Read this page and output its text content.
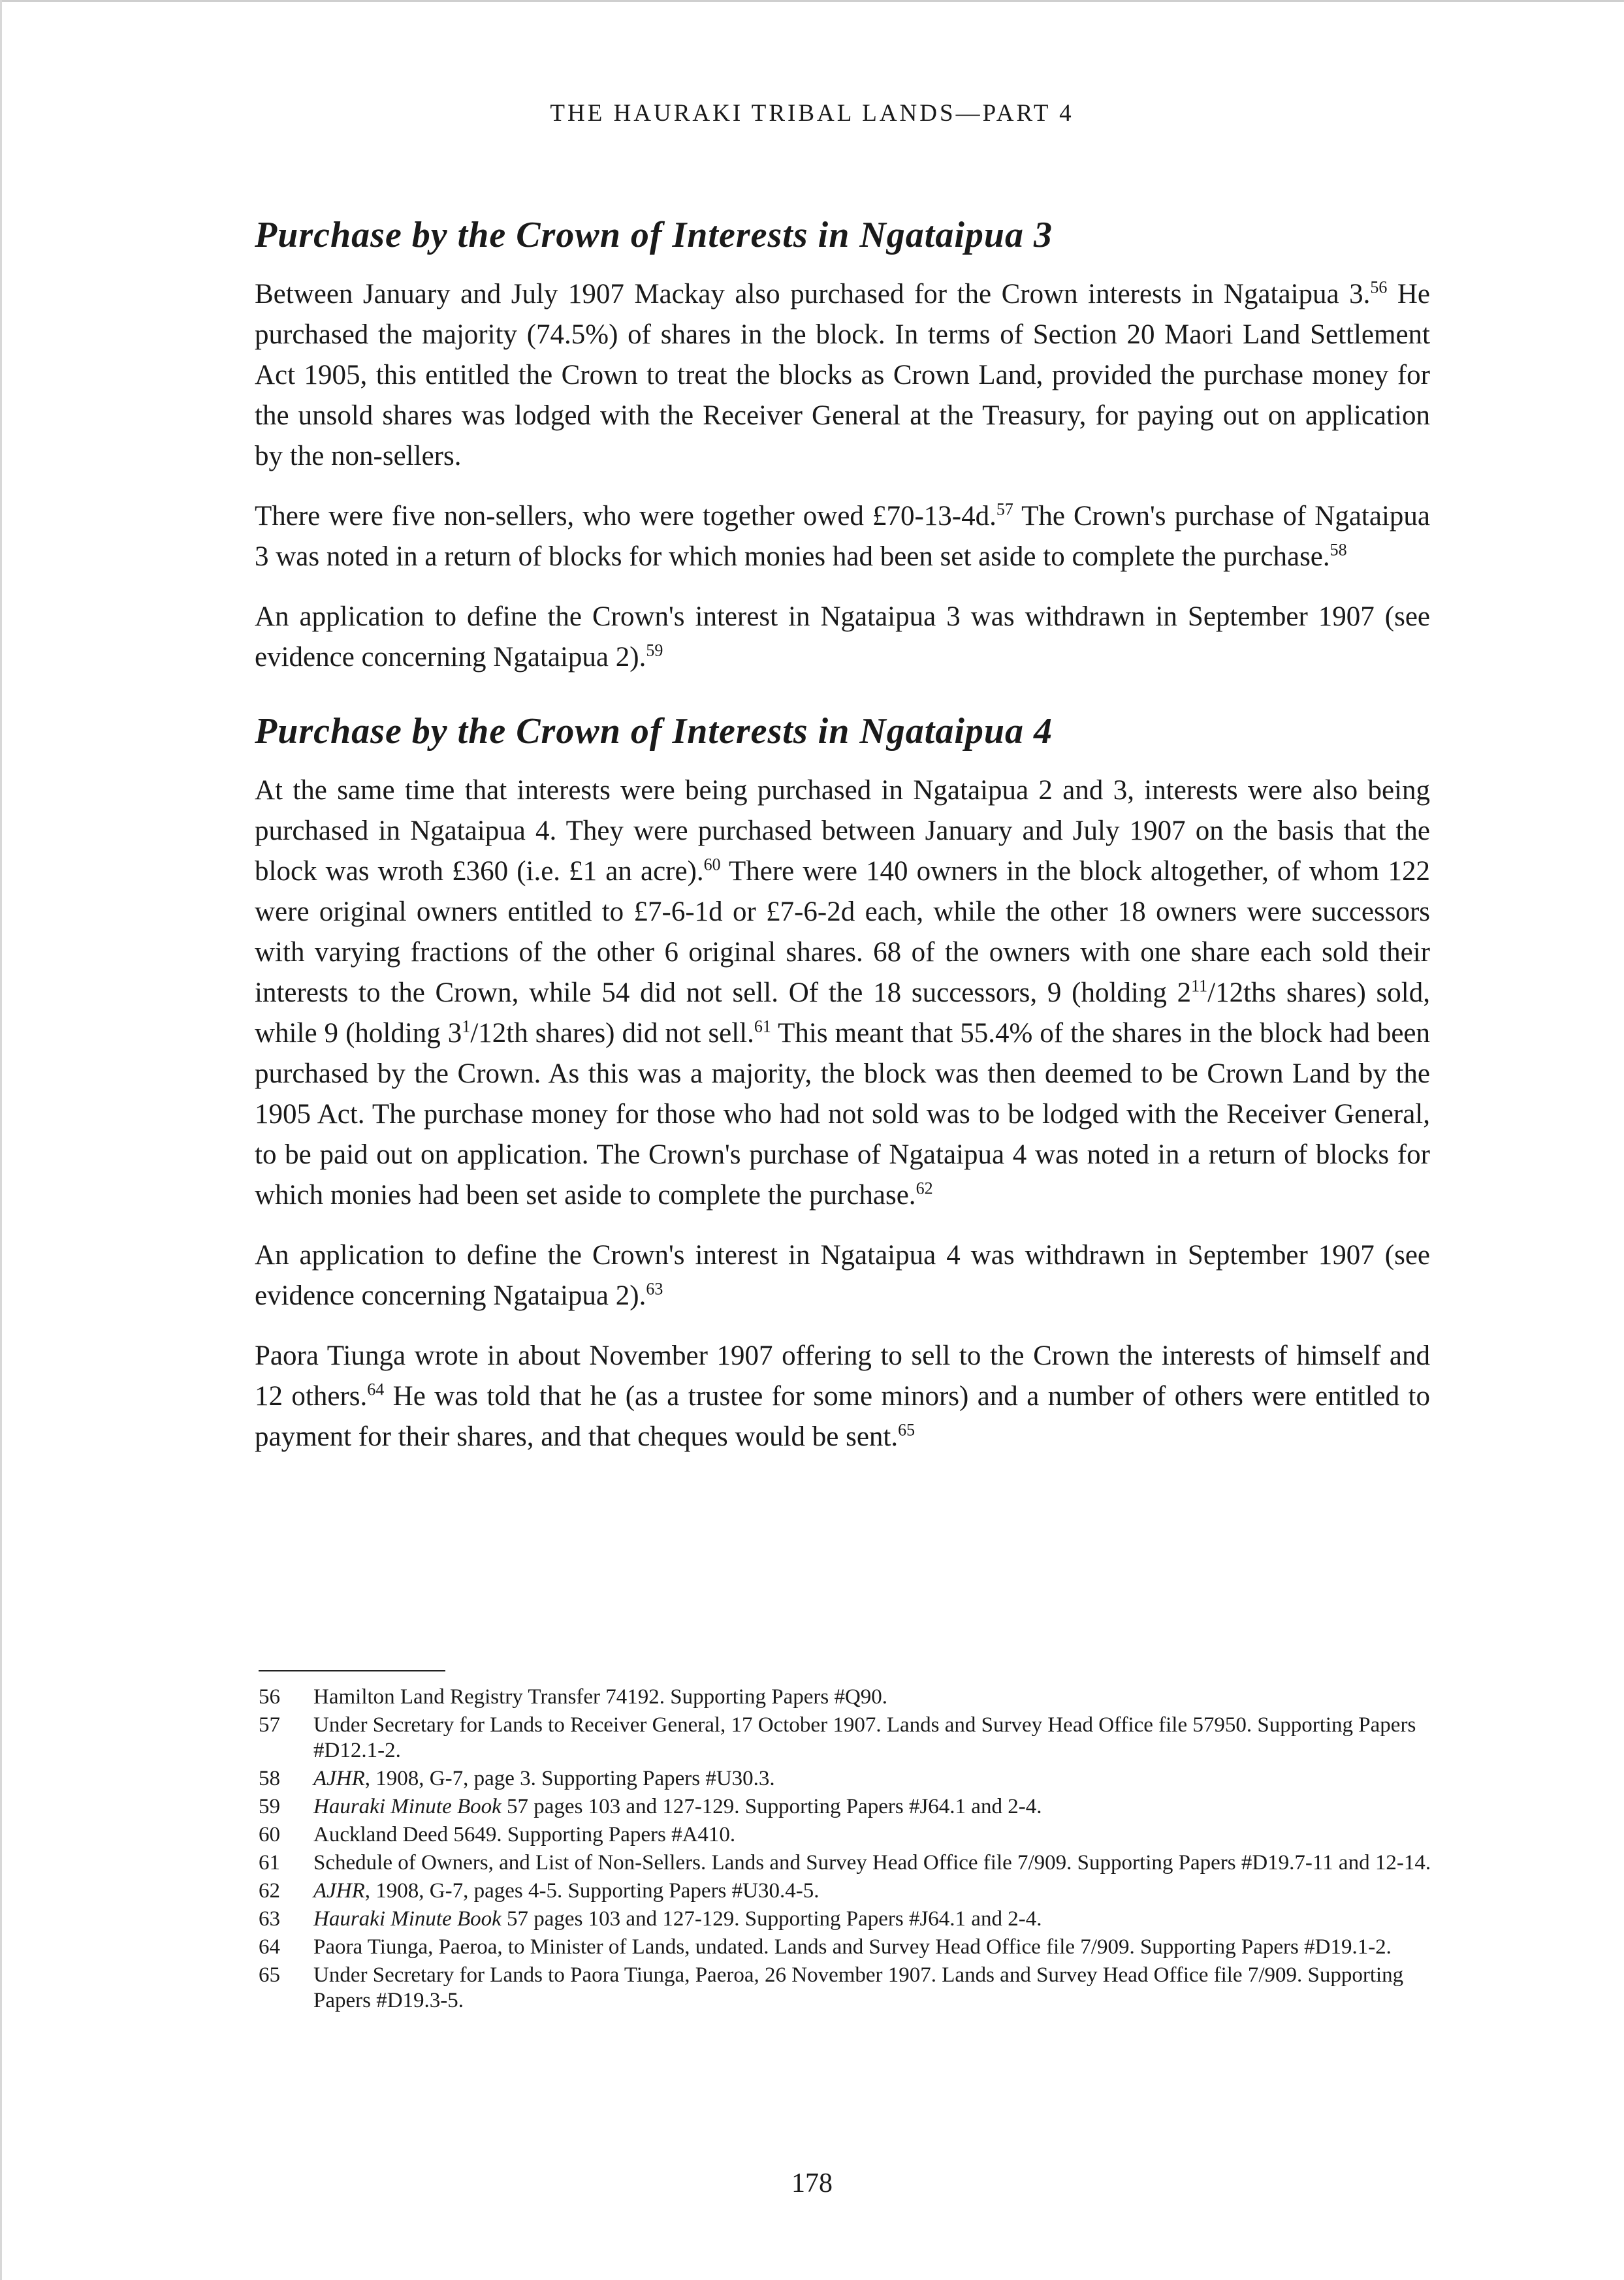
THE HAURAKI TRIBAL LANDS—PART 4
Purchase by the Crown of Interests in Ngataipua 3

Between January and July 1907 Mackay also purchased for the Crown interests in Ngataipua 3.56 He purchased the majority (74.5%) of shares in the block. In terms of Section 20 Maori Land Settlement Act 1905, this entitled the Crown to treat the blocks as Crown Land, provided the purchase money for the unsold shares was lodged with the Receiver General at the Treasury, for paying out on application by the non-sellers.

There were five non-sellers, who were together owed £70-13-4d.$^{57}$ The Crown's purchase of Ngataipua 3 was noted in a return of blocks for which monies had been set aside to complete the purchase.$^{58}$

An application to define the Crown's interest in Ngataipua 3 was withdrawn in September 1907 (see evidence concerning Ngataipua 2).$^{59}$

Purchase by the Crown of Interests in Ngataipua 4

At the same time that interests were being purchased in Ngataipua 2 and 3, interests were also being purchased in Ngataipua 4. They were purchased between January and July 1907 on the basis that the block was wroth £360 (i.e. £1 an acre).$^{60}$ There were 140 owners in the block altogether, of whom 122 were original owners entitled to £7-6-1d or £7-6-2d each, while the other 18 owners were successors with varying fractions of the other 6 original shares. 68 of the owners with one share each sold their interests to the Crown, while 54 did not sell. Of the 18 successors, 9 (holding $2^{11}/12ths$ shares) sold, while 9 (holding $3^1/12th$ shares) did not sell.$^{61}$ This meant that 55.4% of the shares in the block had been purchased by the Crown. As this was a majority, the block was then deemed to be Crown Land by the 1905 Act. The purchase money for those who had not sold was to be lodged with the Receiver General, to be paid out on application. The Crown's purchase of Ngataipua 4 was noted in a return of blocks for which monies had been set aside to complete the purchase.$^{62}$

An application to define the Crown's interest in Ngataipua 4 was withdrawn in September 1907 (see evidence concerning Ngataipua 2).$^{63}$

Paora Tiunga wrote in about November 1907 offering to sell to the Crown the interests of himself and 12 others.$^{64}$ He was told that he (as a trustee for some minors) and a number of others were entitled to payment for their shares, and that cheques would be sent.$^{65}$

56	Hamilton Land Registry Transfer 74192. Supporting Papers #Q90.
57	Under Secretary for Lands to Receiver General, 17 October 1907. Lands and Survey Head Office file 57950. Supporting Papers #D12.1-2.
58	AJHR, 1908, G-7, page 3. Supporting Papers #U30.3.
59	Hauraki Minute Book 57 pages 103 and 127-129. Supporting Papers #J64.1 and 2-4.
60	Auckland Deed 5649. Supporting Papers #A410.
61	Schedule of Owners, and List of Non-Sellers. Lands and Survey Head Office file 7/909. Supporting Papers #D19.7-11 and 12-14.
62	AJHR, 1908, G-7, pages 4-5. Supporting Papers #U30.4-5.
63	Hauraki Minute Book 57 pages 103 and 127-129. Supporting Papers #J64.1 and 2-4.
64	Paora Tiunga, Paeroa, to Minister of Lands, undated. Lands and Survey Head Office file 7/909. Supporting Papers #D19.1-2.
65	Under Secretary for Lands to Paora Tiunga, Paeroa, 26 November 1907. Lands and Survey Head Office file 7/909. Supporting Papers #D19.3-5.
178
